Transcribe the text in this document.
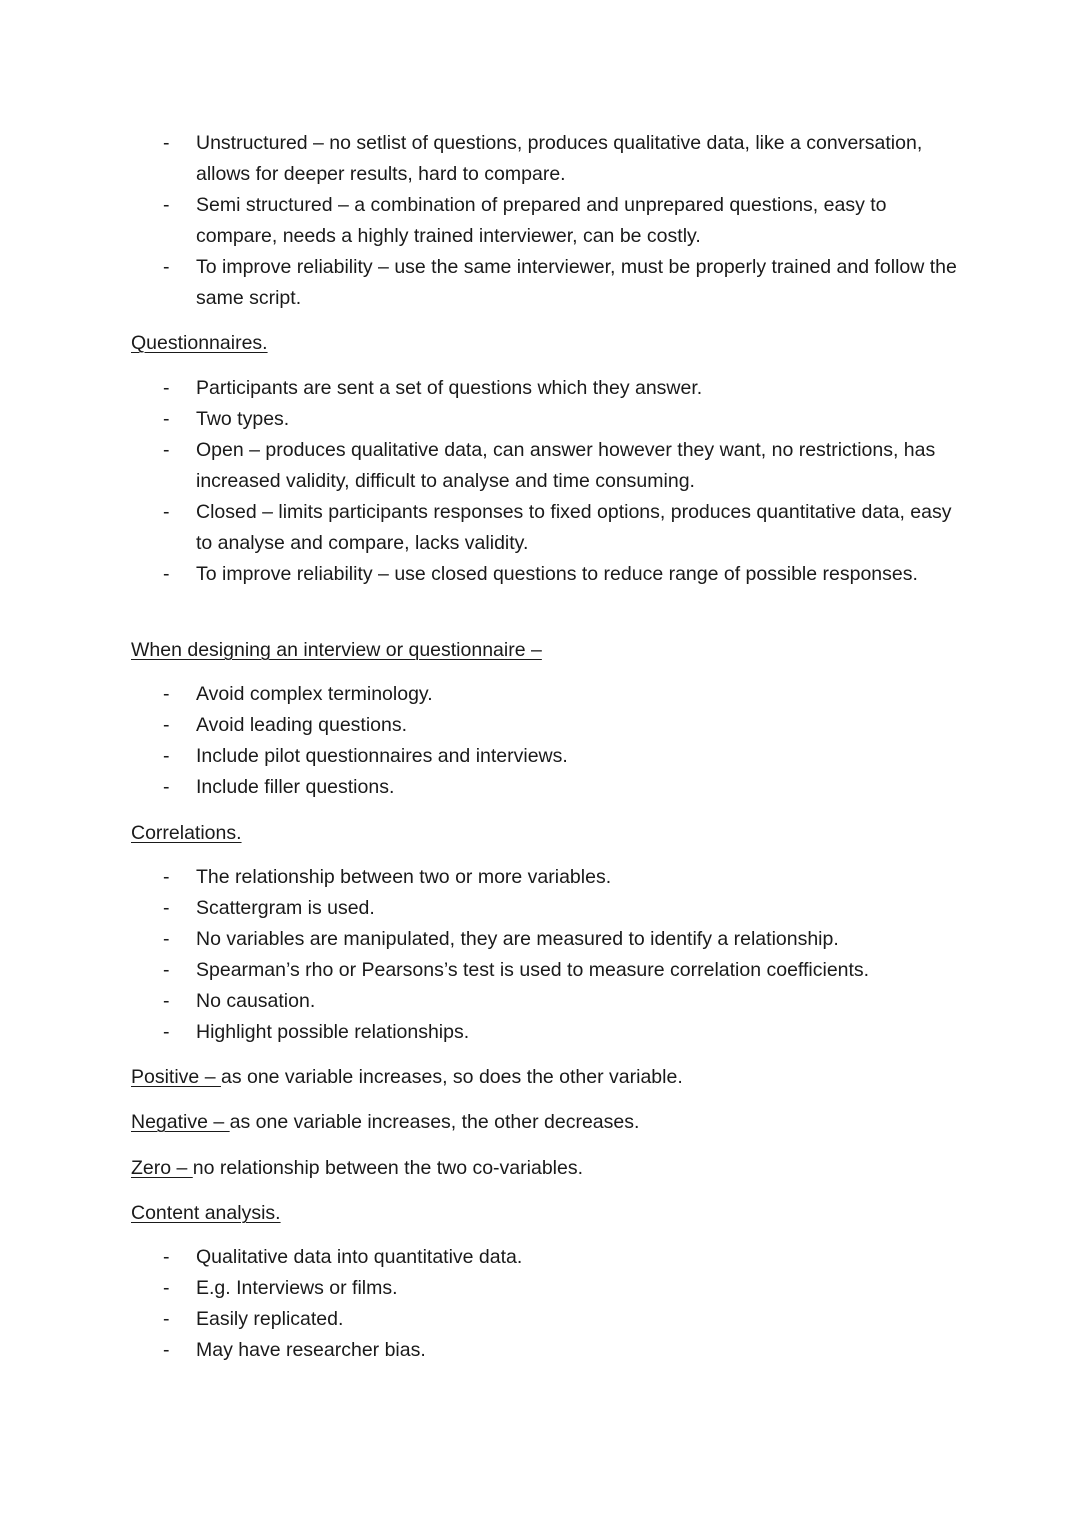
- Unstructured – no setlist of questions, produces qualitative data, like a conversation, allows for deeper results, hard to compare.
- Semi structured – a combination of prepared and unprepared questions, easy to compare, needs a highly trained interviewer, can be costly.
- To improve reliability – use the same interviewer, must be properly trained and follow the same script.
Questionnaires.
- Participants are sent a set of questions which they answer.
- Two types.
- Open – produces qualitative data, can answer however they want, no restrictions, has increased validity, difficult to analyse and time consuming.
- Closed – limits participants responses to fixed options, produces quantitative data, easy to analyse and compare, lacks validity.
- To improve reliability – use closed questions to reduce range of possible responses.
When designing an interview or questionnaire –
- Avoid complex terminology.
- Avoid leading questions.
- Include pilot questionnaires and interviews.
- Include filler questions.
Correlations.
- The relationship between two or more variables.
- Scattergram is used.
- No variables are manipulated, they are measured to identify a relationship.
- Spearman’s rho or Pearsons’s test is used to measure correlation coefficients.
- No causation.
- Highlight possible relationships.
Positive – as one variable increases, so does the other variable.
Negative – as one variable increases, the other decreases.
Zero – no relationship between the two co-variables.
Content analysis.
- Qualitative data into quantitative data.
- E.g. Interviews or films.
- Easily replicated.
- May have researcher bias.
